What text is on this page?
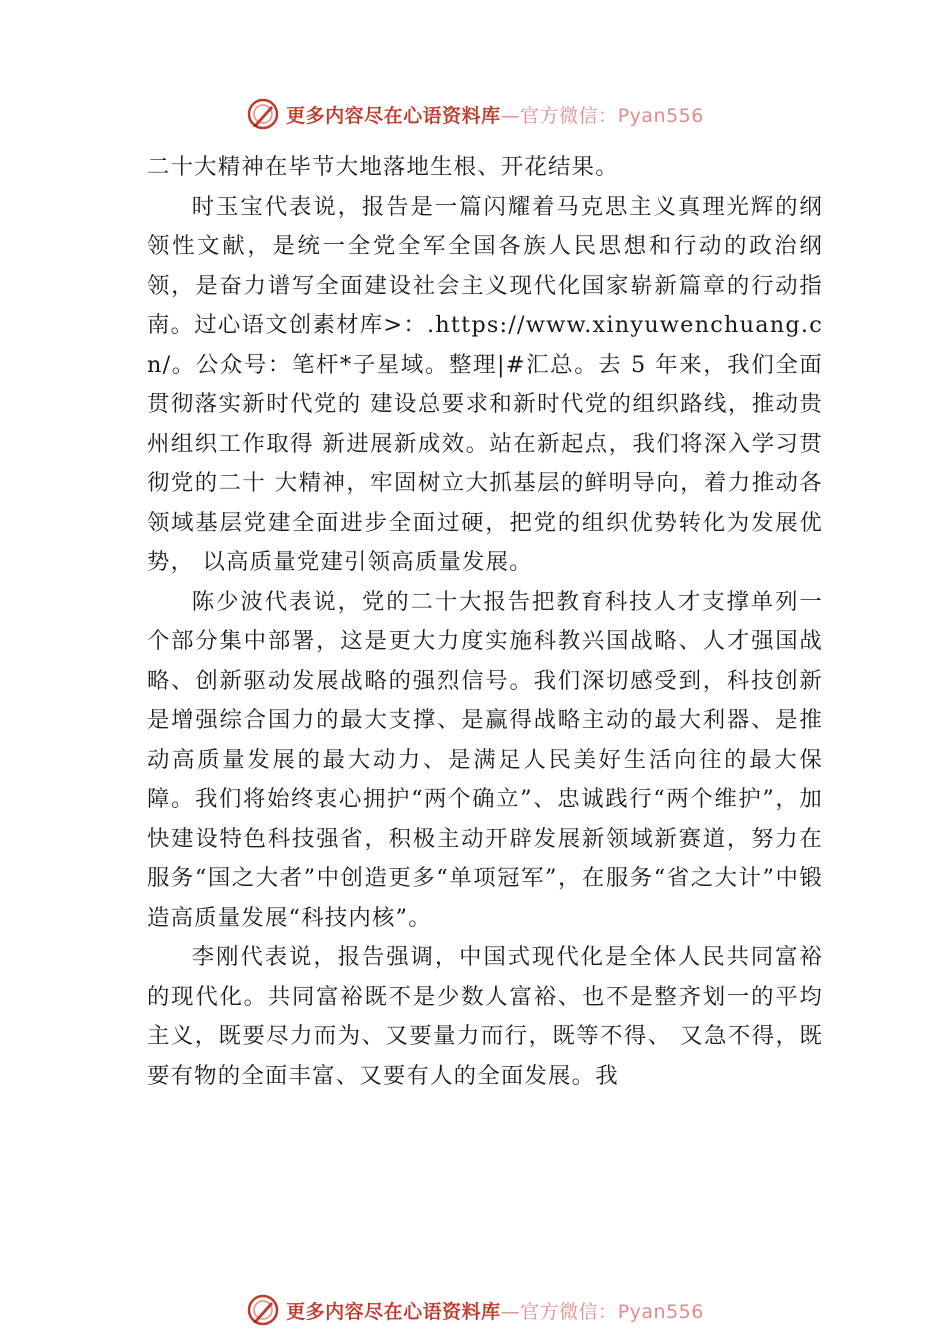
更多内容尽在心语资料库—官方微信：Pyan556

二十大精神在毕节大地落地生根、开花结果。

时玉宝代表说，报告是一篇闪耀着马克思主义真理光辉的纲领性文献，是统一全党全军全国各族人民思想和行动的政治纲领，是奋力谱写全面建设社会主义现代化国家崭新篇章的行动指南。过心语文创素材库>：.https://www.xinyuwenchuang.cn/。公众号：笔杆*子星域。整理|#汇总。去 5 年来，我们全面贯彻落实新时代党的 建设总要求和新时代党的组织路线，推动贵州组织工作取得 新进展新成效。站在新起点，我们将深入学习贯彻党的二十 大精神，牢固树立大抓基层的鲜明导向，着力推动各领域基层党建全面进步全面过硬，把党的组织优势转化为发展优势， 以高质量党建引领高质量发展。

陈少波代表说，党的二十大报告把教育科技人才支撑单列一个部分集中部署，这是更大力度实施科教兴国战略、人才强国战略、创新驱动发展战略的强烈信号。我们深切感受到，科技创新是增强综合国力的最大支撑、是赢得战略主动的最大利器、是推动高质量发展的最大动力、是满足人民美好生活向往的最大保障。我们将始终衷心拥护“两个确立”、忠诚践行“两个维护”，加快建设特色科技强省，积极主动开辟发展新领域新赛道，努力在服务“国之大者”中创造更多“单项冠军”，在服务“省之大计”中锻造高质量发展“科技内核”。

李刚代表说，报告强调，中国式现代化是全体人民共同富裕的现代化。共同富裕既不是少数人富裕、也不是整齐划一的平均主义，既要尽力而为、又要量力而行，既等不得、 又急不得，既要有物的全面丰富、又要有人的全面发展。我

更多内容尽在心语资料库—官方微信：Pyan556
